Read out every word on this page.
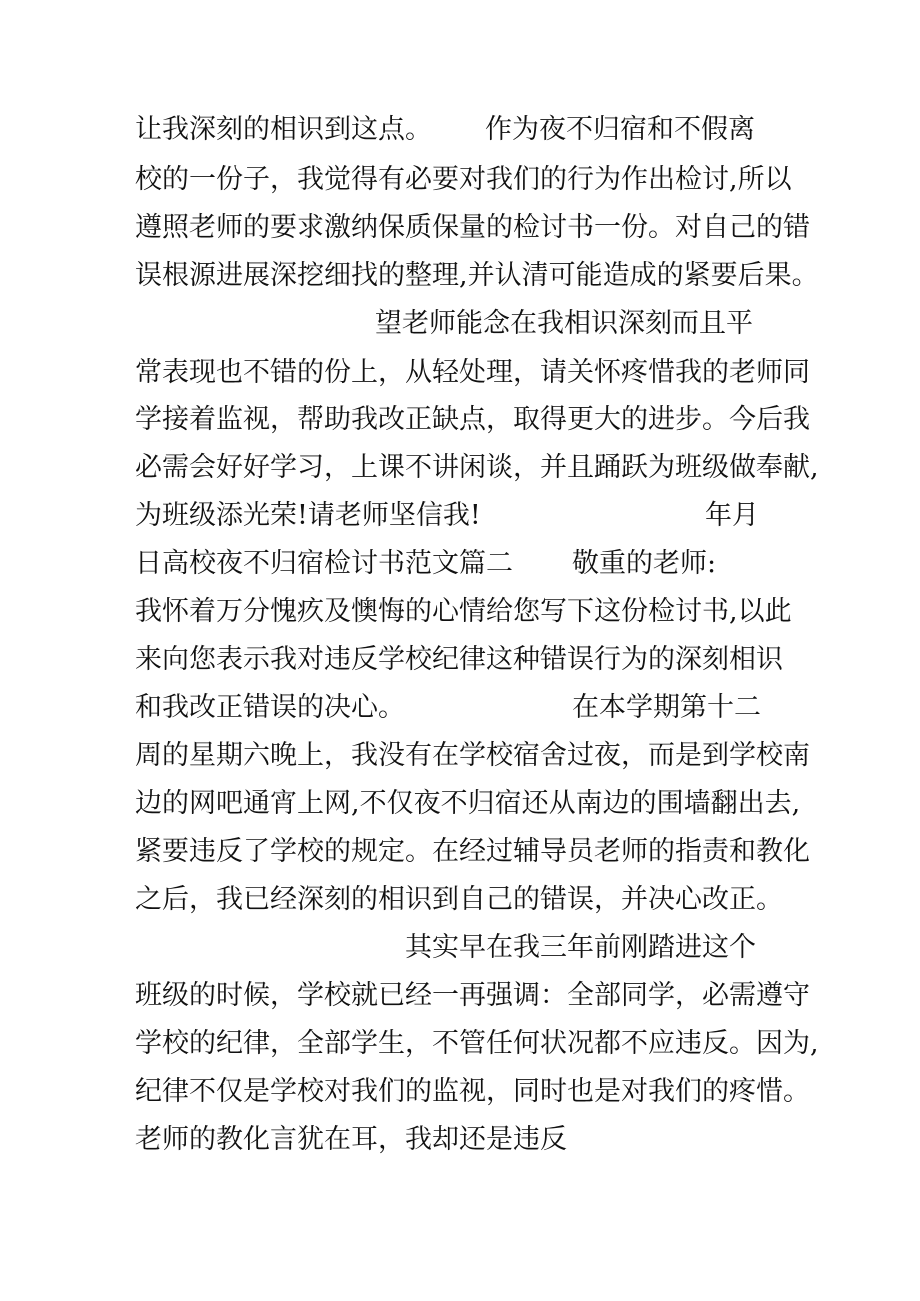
让我深刻的相识到这点。 作为夜不归宿和不假离

校的一份子，我觉得有必要对我们的行为作出检讨,所以

遵照老师的要求激纳保质保量的检讨书一份。对自己的错

误根源进展深挖细找的整理,并认清可能造成的紧要后果。

望老师能念在我相识深刻而且平

常表现也不错的份上，从轻处理，请关怀疼惜我的老师同

学接着监视，帮助我改正缺点，取得更大的进步。今后我

必需会好好学习，上课不讲闲谈，并且踊跃为班级做奉献,

为班级添光荣!请老师坚信我!	年月

日高校夜不归宿检讨书范文篇二 敬重的老师:

我怀着万分愧疚及懊悔的心情给您写下这份检讨书,以此

来向您表示我对违反学校纪律这种错误行为的深刻相识

和我改正错误的决心。	在本学期第十二

周的星期六晚上，我没有在学校宿舍过夜，而是到学校南

边的网吧通宵上网,不仅夜不归宿还从南边的围墙翻出去,

紧要违反了学校的规定。在经过辅导员老师的指责和教化

之后，我已经深刻的相识到自己的错误，并决心改正。

其实早在我三年前刚踏进这个

班级的时候，学校就已经一再强调：全部同学，必需遵守

学校的纪律，全部学生，不管任何状况都不应违反。因为,

纪律不仅是学校对我们的监视，同时也是对我们的疼惜。

老师的教化言犹在耳，我却还是违反
